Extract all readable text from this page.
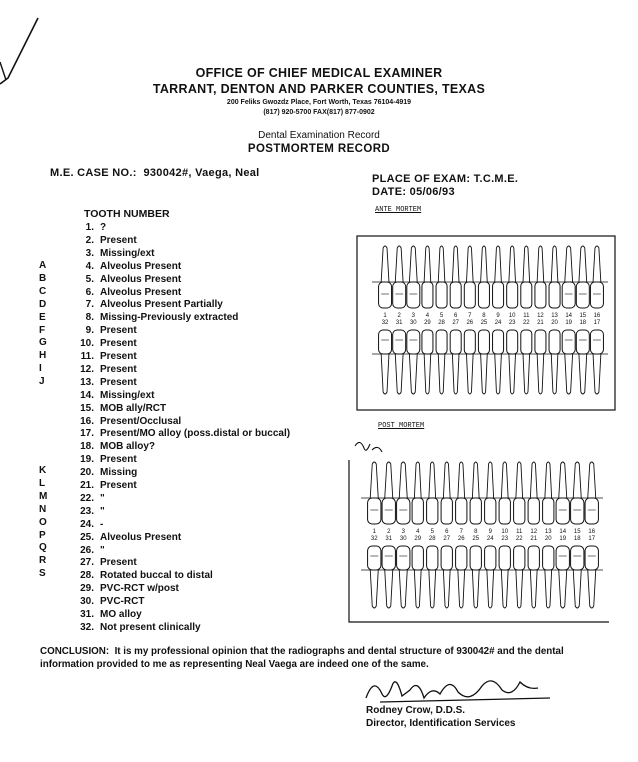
OFFICE OF CHIEF MEDICAL EXAMINER
TARRANT, DENTON AND PARKER COUNTIES, TEXAS
200 Feliks Gwozdz Place, Fort Worth, Texas 76104-4919
(817) 920-5700 FAX(817) 877-0902
Dental Examination Record
POSTMORTEM RECORD
M.E. CASE NO.: 930042#, Vaega, Neal	PLACE OF EXAM: T.C.M.E.
DATE: 05/06/93
TOOTH NUMBER
1. ?
2. Present
3. Missing/ext
4. Alveolus Present
5. Alveolus Present
6. Alveolus Present
7. Alveolus Present Partially
8. Missing-Previously extracted
9. Present
10. Present
11. Present
12. Present
13. Present
14. Missing/ext
15. MOB ally/RCT
16. Present/Occlusal
17. Present/MO alloy (poss.distal or buccal)
18. MOB alloy?
19. Present
20. Missing
21. Present
22. "
23. "
24. -
25. Alveolus Present
26. "
27. Present
28. Rotated buccal to distal
29. PVC-RCT w/post
30. PVC-RCT
31. MO alloy
32. Not present clinically
A
B
C
D
E
F
G
H
I
J
K
L
M
N
O
P
Q
R
S
ANTE MORTEM
1
32
2
31
3
30
4
29
5
28
6
27
7
26
8
25
9
24
10
23
11
22
12
21
13
20
14
19
15
18
16
17
POST MORTEM
1
32
2
31
3
30
4
29
5
28
6
27
7
26
8
25
9
24
10
23
11
22
12
21
13
20
14
19
15
18
16
17
CONCLUSION: It is my professional opinion that the radiographs and dental structure of 930042# and the dental information provided to me as representing Neal Vaega are indeed one of the same.
Rodney Crow, D.D.S.
Director, Identification Services
